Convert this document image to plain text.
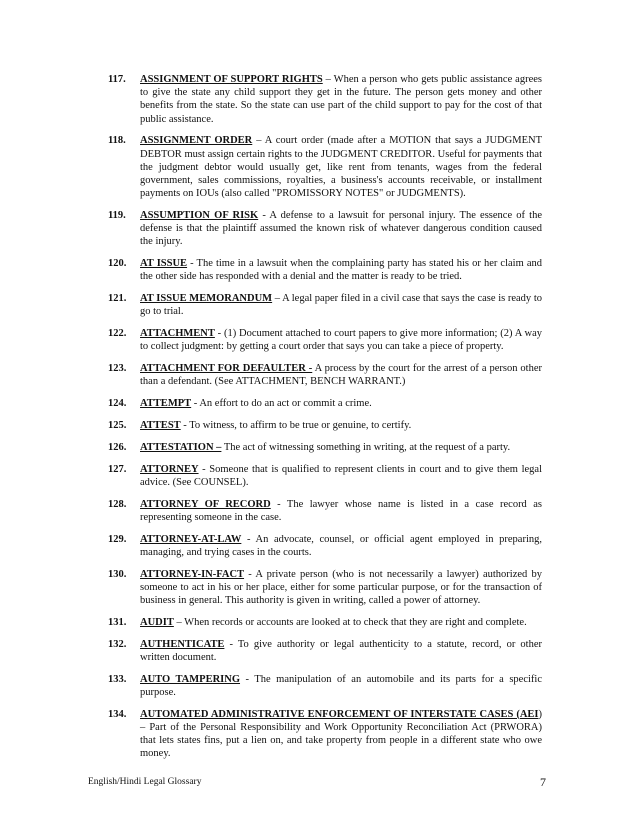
117. ASSIGNMENT OF SUPPORT RIGHTS – When a person who gets public assistance agrees to give the state any child support they get in the future. The person gets money and other benefits from the state. So the state can use part of the child support to pay for the cost of that public assistance.
118. ASSIGNMENT ORDER – A court order (made after a MOTION that says a JUDGMENT DEBTOR must assign certain rights to the JUDGMENT CREDITOR. Useful for payments that the judgment debtor would usually get, like rent from tenants, wages from the federal government, sales commissions, royalties, a business's accounts receivable, or installment payments on IOUs (also called "PROMISSORY NOTES" or JUDGMENTS).
119. ASSUMPTION OF RISK - A defense to a lawsuit for personal injury. The essence of the defense is that the plaintiff assumed the known risk of whatever dangerous condition caused the injury.
120. AT ISSUE - The time in a lawsuit when the complaining party has stated his or her claim and the other side has responded with a denial and the matter is ready to be tried.
121. AT ISSUE MEMORANDUM – A legal paper filed in a civil case that says the case is ready to go to trial.
122. ATTACHMENT - (1) Document attached to court papers to give more information; (2) A way to collect judgment: by getting a court order that says you can take a piece of property.
123. ATTACHMENT FOR DEFAULTER - A process by the court for the arrest of a person other than a defendant. (See ATTACHMENT, BENCH WARRANT.)
124. ATTEMPT - An effort to do an act or commit a crime.
125. ATTEST - To witness, to affirm to be true or genuine, to certify.
126. ATTESTATION – The act of witnessing something in writing, at the request of a party.
127. ATTORNEY - Someone that is qualified to represent clients in court and to give them legal advice. (See COUNSEL).
128. ATTORNEY OF RECORD - The lawyer whose name is listed in a case record as representing someone in the case.
129. ATTORNEY-AT-LAW - An advocate, counsel, or official agent employed in preparing, managing, and trying cases in the courts.
130. ATTORNEY-IN-FACT - A private person (who is not necessarily a lawyer) authorized by someone to act in his or her place, either for some particular purpose, or for the transaction of business in general. This authority is given in writing, called a power of attorney.
131. AUDIT – When records or accounts are looked at to check that they are right and complete.
132. AUTHENTICATE - To give authority or legal authenticity to a statute, record, or other written document.
133. AUTO TAMPERING - The manipulation of an automobile and its parts for a specific purpose.
134. AUTOMATED ADMINISTRATIVE ENFORCEMENT OF INTERSTATE CASES (AEI) – Part of the Personal Responsibility and Work Opportunity Reconciliation Act (PRWORA) that lets states fins, put a lien on, and take property from people in a different state who owe money.
English/Hindi Legal Glossary	7
